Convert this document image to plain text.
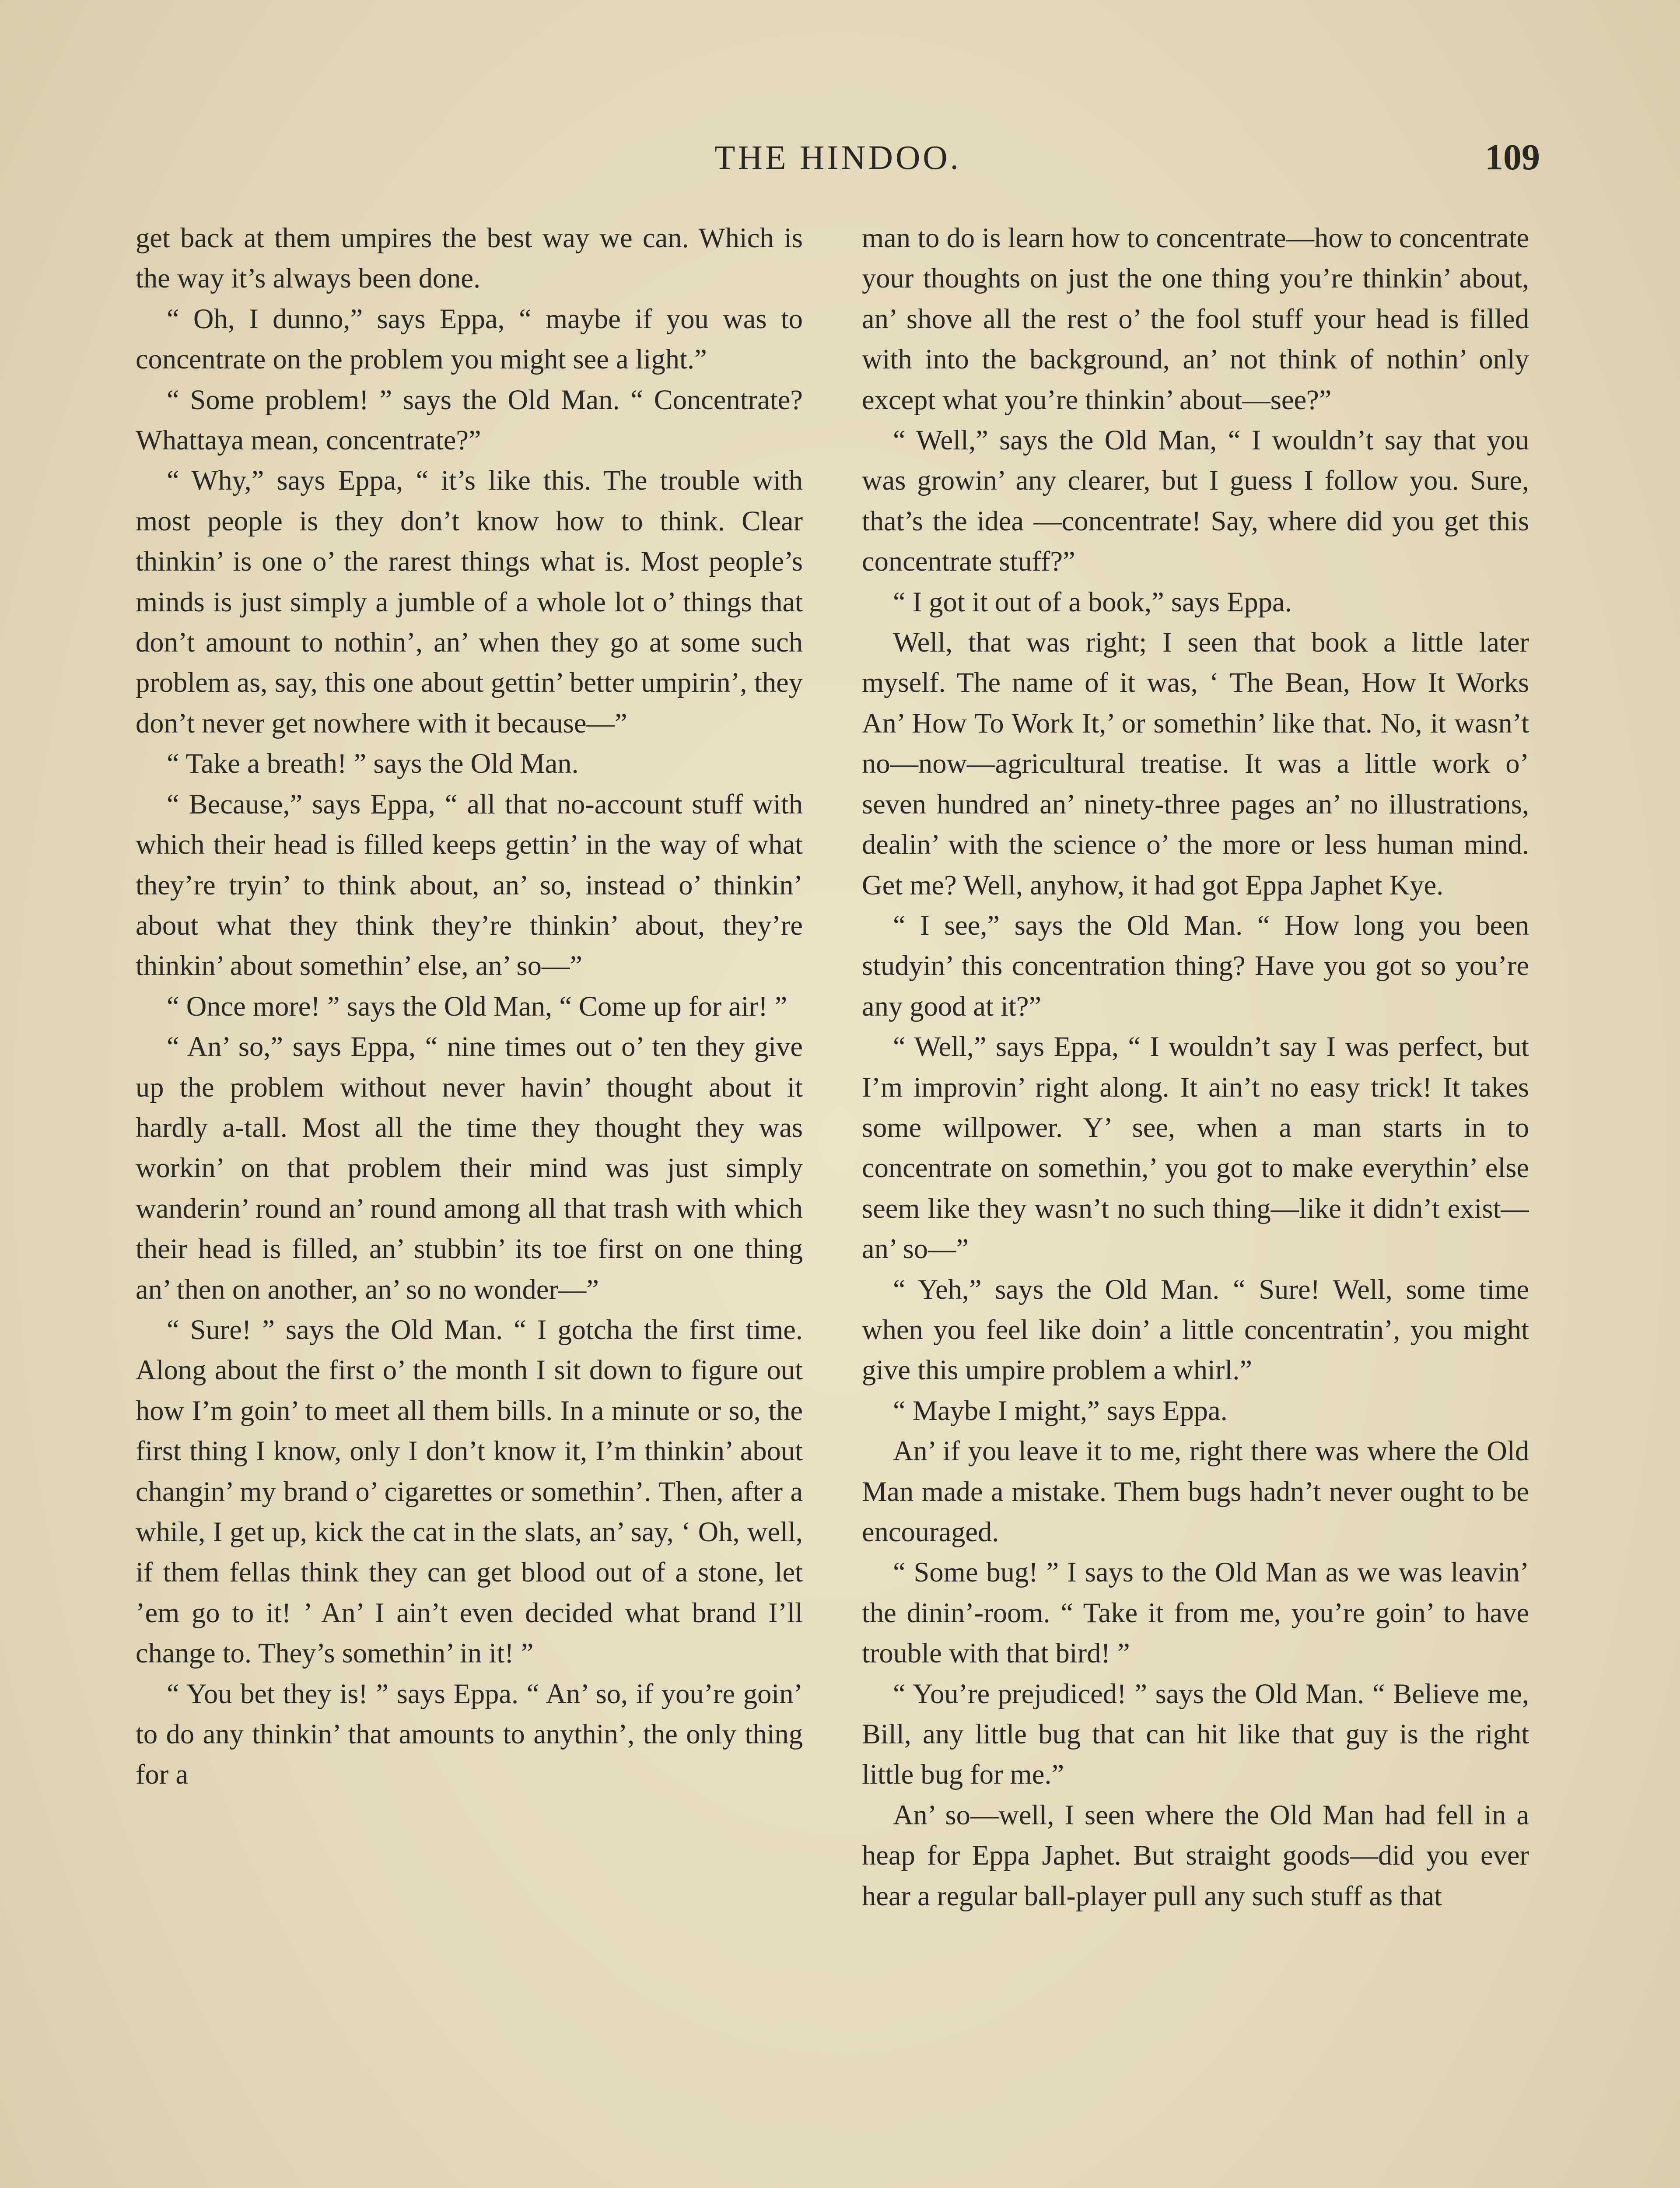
THE HINDOO.	109

get back at them umpires the best way we can. Which is the way it’s always been done.

“ Oh, I dunno,” says Eppa, “ maybe if you was to concentrate on the problem you might see a light.”

“ Some problem! ” says the Old Man. “ Concentrate? Whattaya mean, concentrate?”

“ Why,” says Eppa, “ it’s like this. The trouble with most people is they don’t know how to think. Clear thinkin’ is one o’ the rarest things what is. Most people’s minds is just simply a jumble of a whole lot o’ things that don’t amount to nothin’, an’ when they go at some such problem as, say, this one about gettin’ better umpirin’, they don’t never get nowhere with it because—”

“ Take a breath! ” says the Old Man.

“ Because,” says Eppa, “ all that no-account stuff with which their head is filled keeps gettin’ in the way of what they’re tryin’ to think about, an’ so, instead o’ thinkin’ about what they think they’re thinkin’ about, they’re thinkin’ about somethin’ else, an’ so—”

“ Once more! ” says the Old Man, “ Come up for air! ”

“ An’ so,” says Eppa, “ nine times out o’ ten they give up the problem without never havin’ thought about it hardly a-tall. Most all the time they thought they was workin’ on that problem their mind was just simply wanderin’ round an’ round among all that trash with which their head is filled, an’ stubbin’ its toe first on one thing an’ then on another, an’ so no wonder—”

“ Sure! ” says the Old Man. “ I gotcha the first time. Along about the first o’ the month I sit down to figure out how I’m goin’ to meet all them bills. In a minute or so, the first thing I know, only I don’t know it, I’m thinkin’ about changin’ my brand o’ cigarettes or somethin’. Then, after a while, I get up, kick the cat in the slats, an’ say, ‘ Oh, well, if them fellas think they can get blood out of a stone, let ’em go to it! ’ An’ I ain’t even decided what brand I’ll change to. They’s somethin’ in it! ”

“ You bet they is! ” says Eppa. “ An’ so, if you’re goin’ to do any thinkin’ that amounts to anythin’, the only thing for a

man to do is learn how to concentrate—how to concentrate your thoughts on just the one thing you’re thinkin’ about, an’ shove all the rest o’ the fool stuff your head is filled with into the background, an’ not think of nothin’ only except what you’re thinkin’ about—see?”

“ Well,” says the Old Man, “ I wouldn’t say that you was growin’ any clearer, but I guess I follow you. Sure, that’s the idea —concentrate! Say, where did you get this concentrate stuff?”

“ I got it out of a book,” says Eppa.

Well, that was right; I seen that book a little later myself. The name of it was, ‘ The Bean, How It Works An’ How To Work It,’ or somethin’ like that. No, it wasn’t no—now—agricultural treatise. It was a little work o’ seven hundred an’ ninety-three pages an’ no illustrations, dealin’ with the science o’ the more or less human mind. Get me? Well, anyhow, it had got Eppa Japhet Kye.

“ I see,” says the Old Man. “ How long you been studyin’ this concentration thing? Have you got so you’re any good at it?”

“ Well,” says Eppa, “ I wouldn’t say I was perfect, but I’m improvin’ right along. It ain’t no easy trick! It takes some willpower. Y’ see, when a man starts in to concentrate on somethin,’ you got to make everythin’ else seem like they wasn’t no such thing—like it didn’t exist—an’ so—”

“ Yeh,” says the Old Man. “ Sure! Well, some time when you feel like doin’ a little concentratin’, you might give this umpire problem a whirl.”

“ Maybe I might,” says Eppa.

An’ if you leave it to me, right there was where the Old Man made a mistake. Them bugs hadn’t never ought to be encouraged.

“ Some bug! ” I says to the Old Man as we was leavin’ the dinin’-room. “ Take it from me, you’re goin’ to have trouble with that bird! ”

“ You’re prejudiced! ” says the Old Man. “ Believe me, Bill, any little bug that can hit like that guy is the right little bug for me.”

An’ so—well, I seen where the Old Man had fell in a heap for Eppa Japhet. But straight goods—did you ever hear a regular ball-player pull any such stuff as that
